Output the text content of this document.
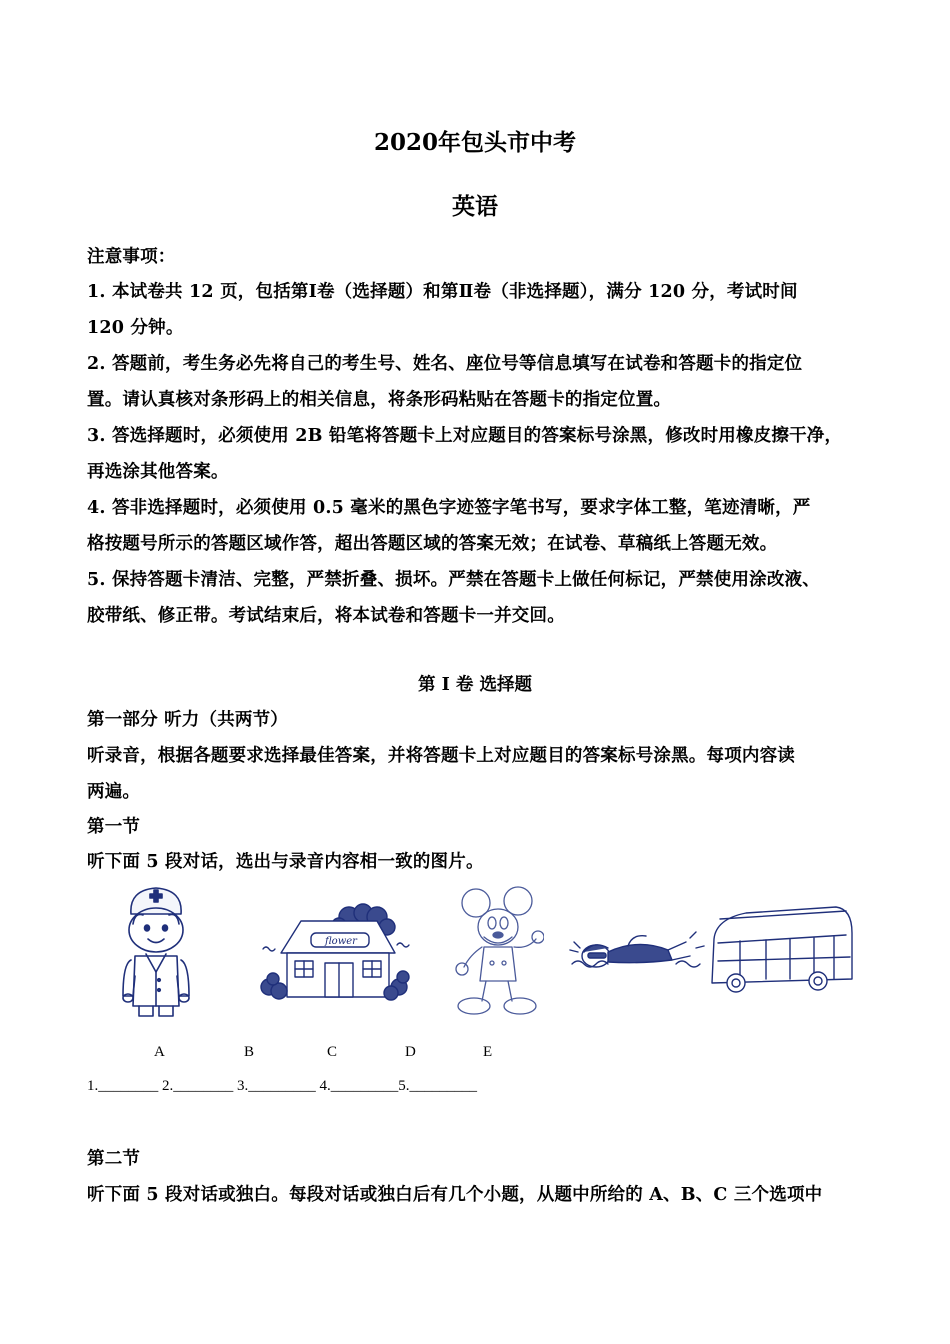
2020年包头市中考
英语
注意事项：
1. 本试卷共 12 页，包括第Ⅰ卷（选择题）和第Ⅱ卷（非选择题），满分 120 分，考试时间
120 分钟。
2. 答题前，考生务必先将自己的考生号、姓名、座位号等信息填写在试卷和答题卡的指定位
置。请认真核对条形码上的相关信息，将条形码粘贴在答题卡的指定位置。
3. 答选择题时，必须使用 2B 铅笔将答题卡上对应题目的答案标号涂黑，修改时用橡皮擦干净，
再选涂其他答案。
4. 答非选择题时，必须使用 0.5 毫米的黑色字迹签字笔书写，要求字体工整，笔迹清晰，严
格按题号所示的答题区域作答，超出答题区域的答案无效；在试卷、草稿纸上答题无效。
5. 保持答题卡清洁、完整，严禁折叠、损坏。严禁在答题卡上做任何标记，严禁使用涂改液、
胶带纸、修正带。考试结束后，将本试卷和答题卡一并交回。
第 I 卷 选择题
第一部分 听力（共两节）
听录音，根据各题要求选择最佳答案，并将答题卡上对应题目的答案标号涂黑。每项内容读
两遍。
第一节
听下面 5 段对话，选出与录音内容相一致的图片。
flower
A	B	C	D	E
1.________ 2.________ 3._________ 4._________5._________
第二节
听下面 5 段对话或独白。每段对话或独白后有几个小题，从题中所给的 A、B、C 三个选项中
